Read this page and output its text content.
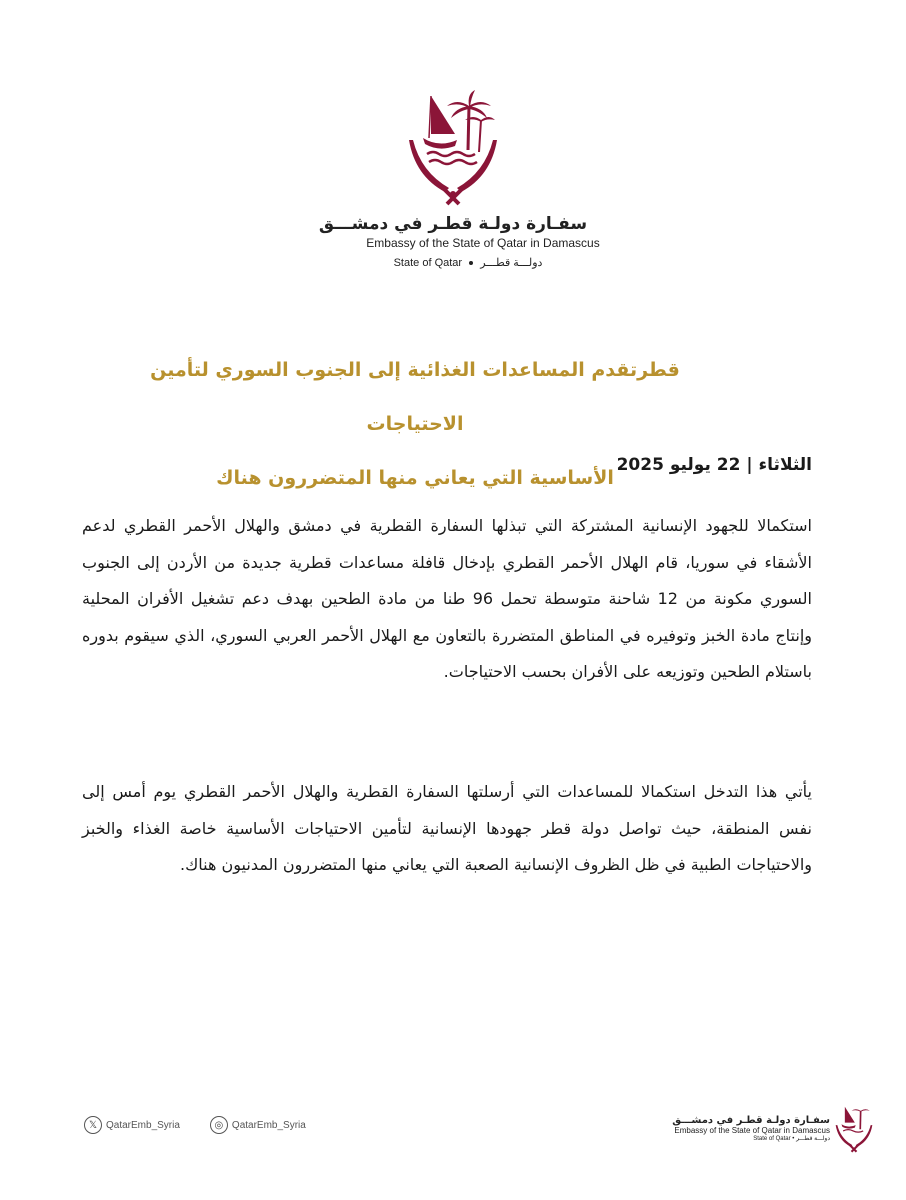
سفـارة دولـة قطـر في دمشـــق
Embassy of the State of Qatar in Damascus
State of Qatar دولـــة قطـــر
قطرتقدم المساعدات الغذائية إلى الجنوب السوري لتأمين الاحتياجات
الأساسية التي يعاني منها المتضررون هناك
الثلاثاء | 22 يوليو 2025
استكمالا للجهود الإنسانية المشتركة التي تبذلها السفارة القطرية في دمشق والهلال الأحمر القطري لدعم الأشقاء في سوريا، قام الهلال الأحمر القطري بإدخال قافلة مساعدات قطرية جديدة من الأردن إلى الجنوب السوري مكونة من 12 شاحنة متوسطة تحمل 96 طنا من مادة الطحين بهدف دعم تشغيل الأفران المحلية وإنتاج مادة الخبز وتوفيره في المناطق المتضررة بالتعاون مع الهلال الأحمر العربي السوري، الذي سيقوم بدوره باستلام الطحين وتوزيعه على الأفران بحسب الاحتياجات.
يأتي هذا التدخل استكمالا للمساعدات التي أرسلتها السفارة القطرية والهلال الأحمر القطري يوم أمس إلى نفس المنطقة، حيث تواصل دولة قطر جهودها الإنسانية لتأمين الاحتياجات الأساسية خاصة الغذاء والخبز والاحتياجات الطبية في ظل الظروف الإنسانية الصعبة التي يعاني منها المتضررون المدنيون هناك.
𝕏 QatarEmb_Syria	◎ QatarEmb_Syria	سفـارة دولـة قطـر في دمشـــق
Embassy of the State of Qatar in Damascus
State of Qatar • دولـــة قطـــر
